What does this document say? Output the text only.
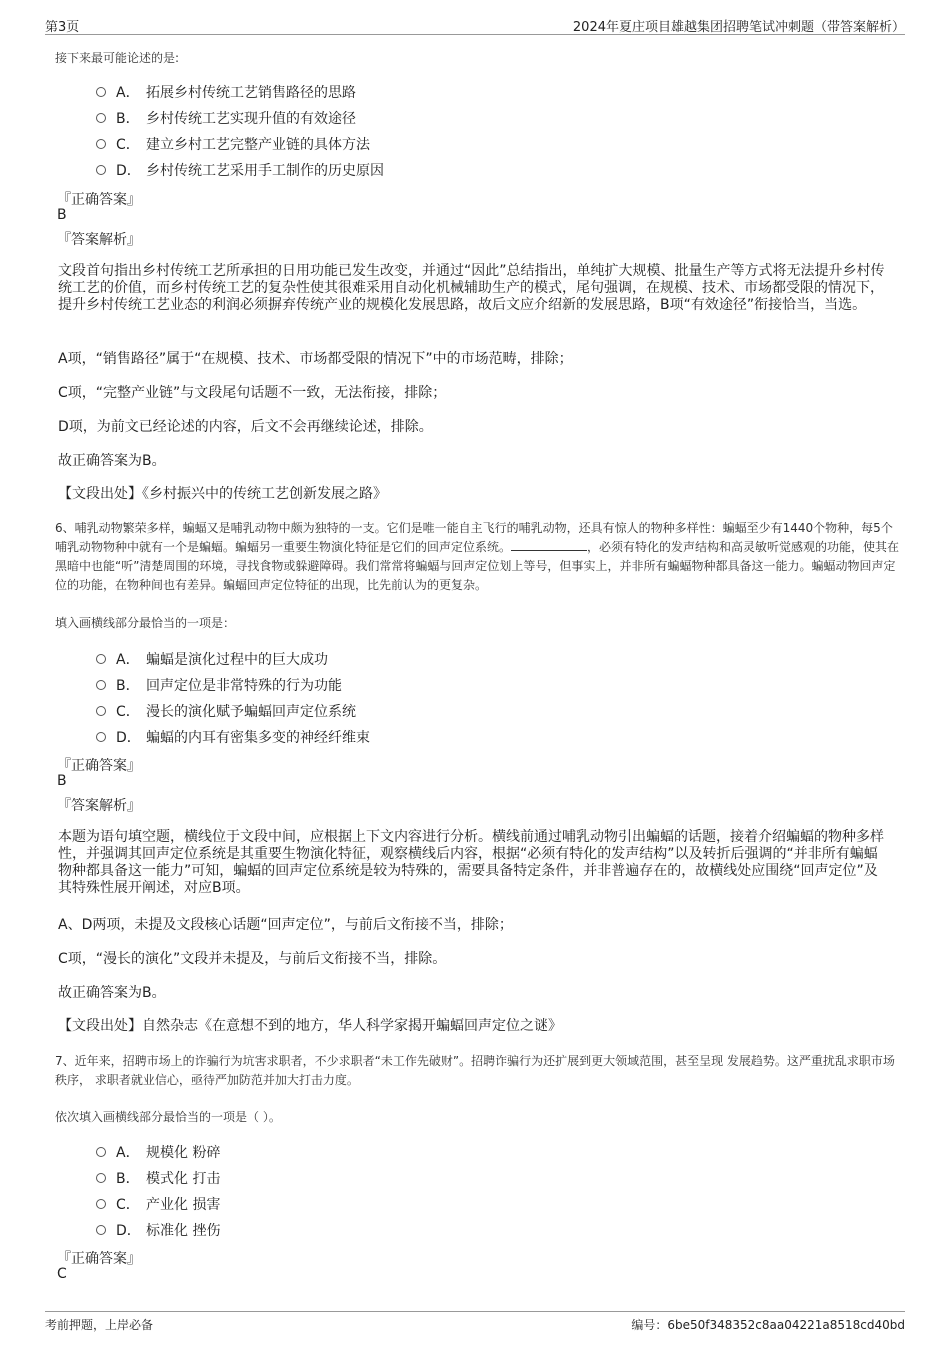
第3页	2024年夏庄项目雄越集团招聘笔试冲刺题（带答案解析）
接下来最可能论述的是:
A． 拓展乡村传统工艺销售路径的思路
B． 乡村传统工艺实现升值的有效途径
C． 建立乡村工艺完整产业链的具体方法
D． 乡村传统工艺采用手工制作的历史原因
『正确答案』
B
『答案解析』
文段首句指出乡村传统工艺所承担的日用功能已发生改变，并通过“因此”总结指出，单纯扩大规模、批量生产等方式将无法提升乡村传统工艺的价值，而乡村传统工艺的复杂性使其很难采用自动化机械辅助生产的模式，尾句强调，在规模、技术、市场都受限的情况下，提升乡村传统工艺业态的利润必须摒弃传统产业的规模化发展思路，故后文应介绍新的发展思路，B项“有效途径”衔接恰当，当选。
A项，“销售路径”属于“在规模、技术、市场都受限的情况下”中的市场范畴，排除；
C项，“完整产业链”与文段尾句话题不一致，无法衔接，排除；
D项，为前文已经论述的内容，后文不会再继续论述，排除。
故正确答案为B。
【文段出处】《乡村振兴中的传统工艺创新发展之路》
6、哺乳动物繁荣多样，蝙蝠又是哺乳动物中颇为独特的一支。它们是唯一能自主飞行的哺乳动物，还具有惊人的物种多样性：蝙蝠至少有1440个物种，每5个哺乳动物物种中就有一个是蝙蝠。蝙蝠另一重要生物演化特征是它们的回声定位系统。	，必须有特化的发声结构和高灵敏听觉感观的功能，使其在黑暗中也能“听”清楚周围的环境，寻找食物或躲避障碍。我们常常将蝙蝠与回声定位划上等号，但事实上，并非所有蝙蝠物种都具备这一能力。蝙蝠动物回声定位的功能，在物种间也有差异。蝙蝠回声定位特征的出现，比先前认为的更复杂。
填入画横线部分最恰当的一项是：
A． 蝙蝠是演化过程中的巨大成功
B． 回声定位是非常特殊的行为功能
C． 漫长的演化赋予蝙蝠回声定位系统
D． 蝙蝠的内耳有密集多变的神经纤维束
『正确答案』
B
『答案解析』
本题为语句填空题，横线位于文段中间，应根据上下文内容进行分析。横线前通过哺乳动物引出蝙蝠的话题，接着介绍蝙蝠的物种多样性，并强调其回声定位系统是其重要生物演化特征，观察横线后内容，根据“必须有特化的发声结构”以及转折后强调的“并非所有蝙蝠物种都具备这一能力”可知，蝙蝠的回声定位系统是较为特殊的，需要具备特定条件，并非普遍存在的，故横线处应围绕“回声定位”及其特殊性展开阐述，对应B项。
A、D两项，未提及文段核心话题“回声定位”，与前后文衔接不当，排除；
C项，“漫长的演化”文段并未提及，与前后文衔接不当，排除。
故正确答案为B。
【文段出处】自然杂志《在意想不到的地方，华人科学家揭开蝙蝠回声定位之谜》
7、近年来，招聘市场上的诈骗行为坑害求职者，不少求职者“未工作先破财”。招聘诈骗行为还扩展到更大领域范围，甚至呈现 发展趋势。这严重扰乱求职市场秩序， 求职者就业信心，亟待严加防范并加大打击力度。
依次填入画横线部分最恰当的一项是（ ）。
A． 规模化 粉碎
B． 模式化 打击
C． 产业化 损害
D． 标准化 挫伤
『正确答案』
C
考前押题，上岸必备	编号：6be50f348352c8aa04221a8518cd40bd
